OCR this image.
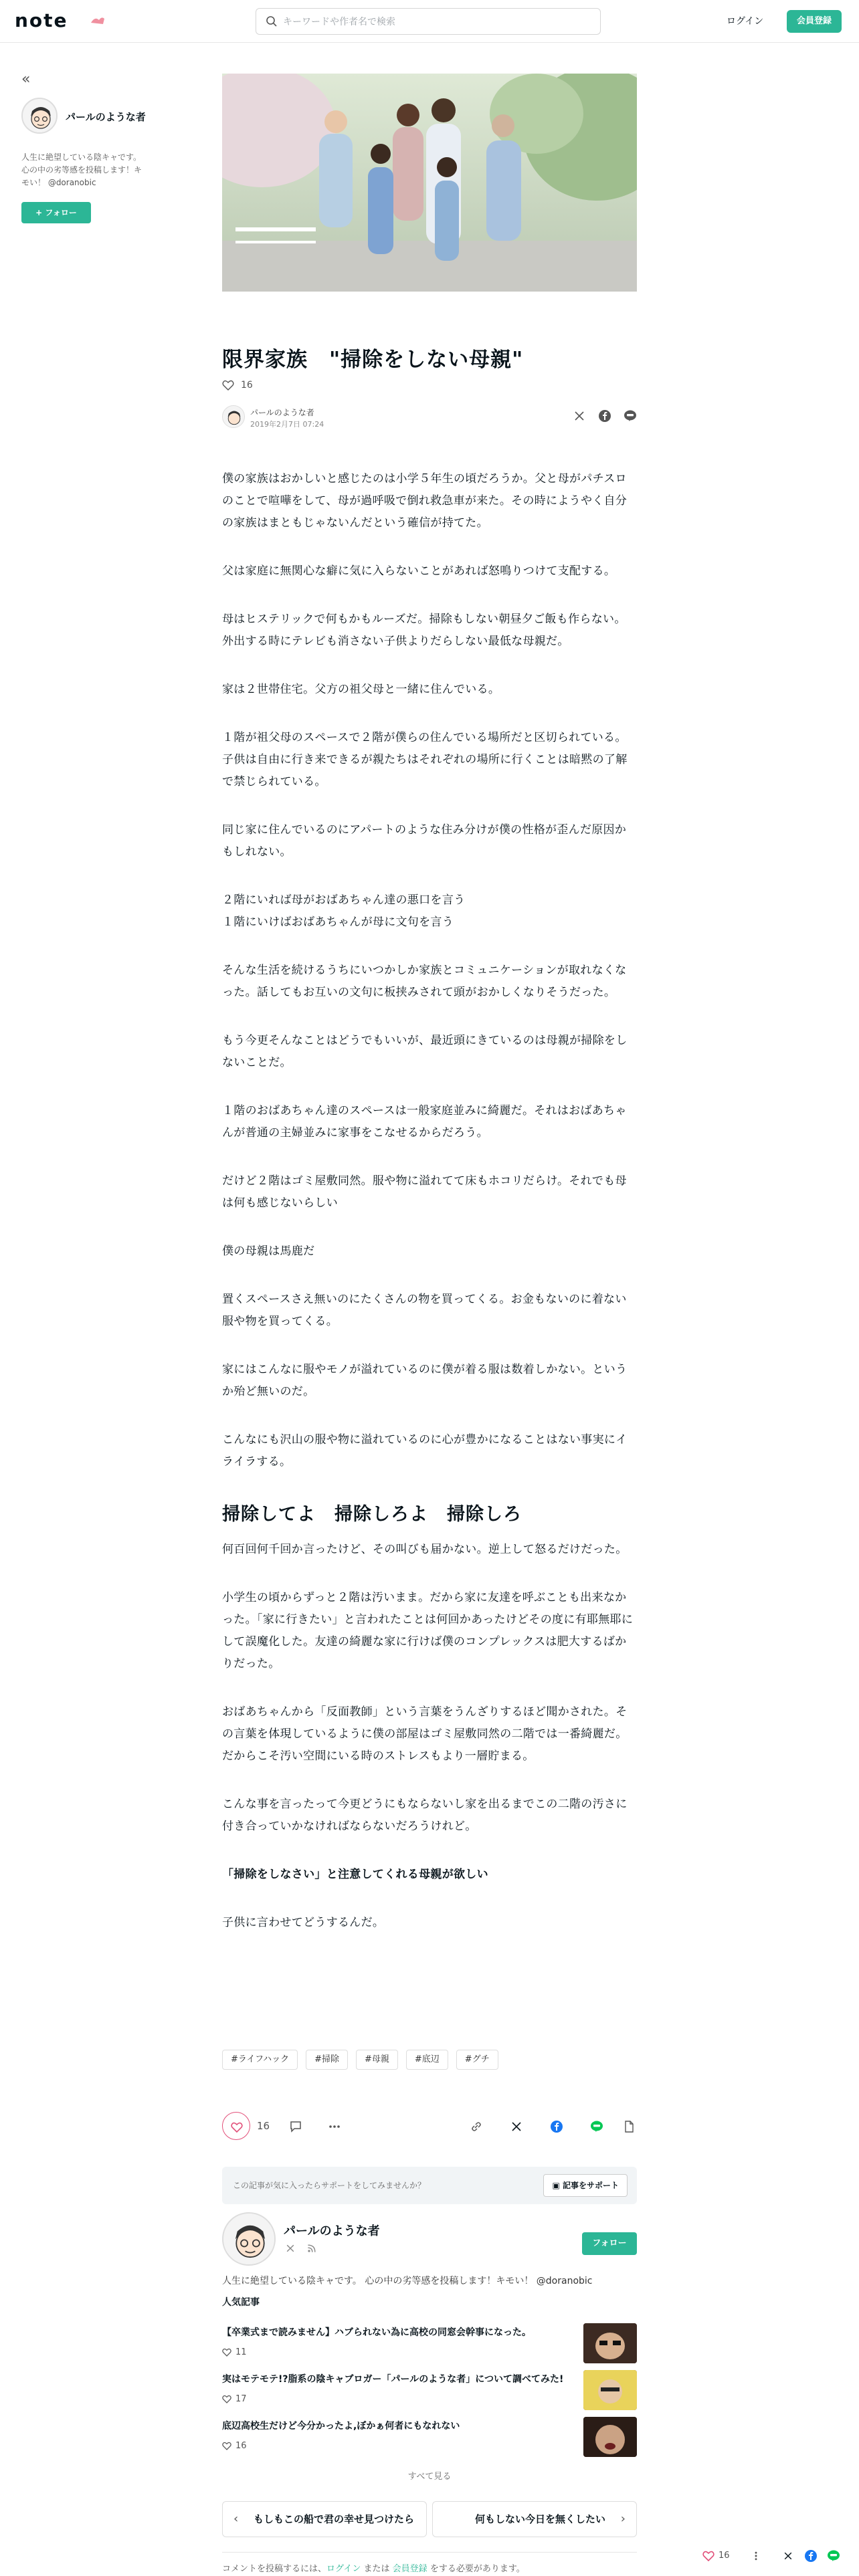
note
キーワードや作者名で検索	ログイン	会員登録
«
パールのような者
人生に絶望している陰キャです。 心の中の劣等感を投稿します！キモい！ @doranobic
+ フォロー
限界家族　"掃除をしない母親"
16
パールのような者
2019年2月7日 07:24

僕の家族はおかしいと感じたのは小学５年生の頃だろうか。父と母がパチスロのことで喧嘩をして、母が過呼吸で倒れ救急車が来た。その時にようやく自分の家族はまともじゃないんだという確信が持てた。

父は家庭に無関心な癖に気に入らないことがあれば怒鳴りつけて支配する。

母はヒステリックで何もかもルーズだ。掃除もしない朝昼夕ご飯も作らない。外出する時にテレビも消さない子供よりだらしない最低な母親だ。

家は２世帯住宅。父方の祖父母と一緒に住んでいる。

１階が祖父母のスペースで２階が僕らの住んでいる場所だと区切られている。子供は自由に行き来できるが親たちはそれぞれの場所に行くことは暗黙の了解で禁じられている。

同じ家に住んでいるのにアパートのような住み分けが僕の性格が歪んだ原因かもしれない。

２階にいれば母がおばあちゃん達の悪口を言う

１階にいけばおばあちゃんが母に文句を言う

そんな生活を続けるうちにいつかしか家族とコミュニケーションが取れなくなった。話してもお互いの文句に板挟みされて頭がおかしくなりそうだった。

もう今更そんなことはどうでもいいが、最近頭にきているのは母親が掃除をしないことだ。

１階のおばあちゃん達のスペースは一般家庭並みに綺麗だ。それはおばあちゃんが普通の主婦並みに家事をこなせるからだろう。

だけど２階はゴミ屋敷同然。服や物に溢れてて床もホコリだらけ。それでも母は何も感じないらしい

僕の母親は馬鹿だ

置くスペースさえ無いのにたくさんの物を買ってくる。お金もないのに着ない服や物を買ってくる。

家にはこんなに服やモノが溢れているのに僕が着る服は数着しかない。というか殆ど無いのだ。

こんなにも沢山の服や物に溢れているのに心が豊かになることはない事実にイライラする。

掃除してよ　掃除しろよ　掃除しろ

何百回何千回か言ったけど、その叫びも届かない。逆上して怒るだけだった。

小学生の頃からずっと２階は汚いまま。だから家に友達を呼ぶことも出来なかった。「家に行きたい」と言われたことは何回かあったけどその度に有耶無耶にして誤魔化した。友達の綺麗な家に行けば僕のコンプレックスは肥大するばかりだった。

おばあちゃんから「反面教師」という言葉をうんざりするほど聞かされた。その言葉を体現しているように僕の部屋はゴミ屋敷同然の二階では一番綺麗だ。だからこそ汚い空間にいる時のストレスもより一層貯まる。

こんな事を言ったって今更どうにもならないし家を出るまでこの二階の汚さに付き合っていかなければならないだろうけれど。

「掃除をしなさい」と注意してくれる母親が欲しい

子供に言わせてどうするんだ。

#ライフハック	#掃除	#母親	#底辺	#グチ
16
この記事が気に入ったらサポートをしてみませんか？	▣ 記事をサポート
パールのような者
フォロー
人生に絶望している陰キャです。 心の中の劣等感を投稿します！キモい！ @doranobic
人気記事
【卒業式まで読みません】ハブられない為に高校の同窓会幹事になった。
11
実はモテモテ!?脂系の陰キャブロガー「パールのような者」について調べてみた!
17
底辺高校生だけど今分かったよ,ぼかぁ何者にもなれない
16
すべて見る
‹ もしもこの船で君の幸せ見つけたら	何もしない今日を無くしたい ›
コメントを投稿するには、ログイン または 会員登録 をする必要があります。
16
